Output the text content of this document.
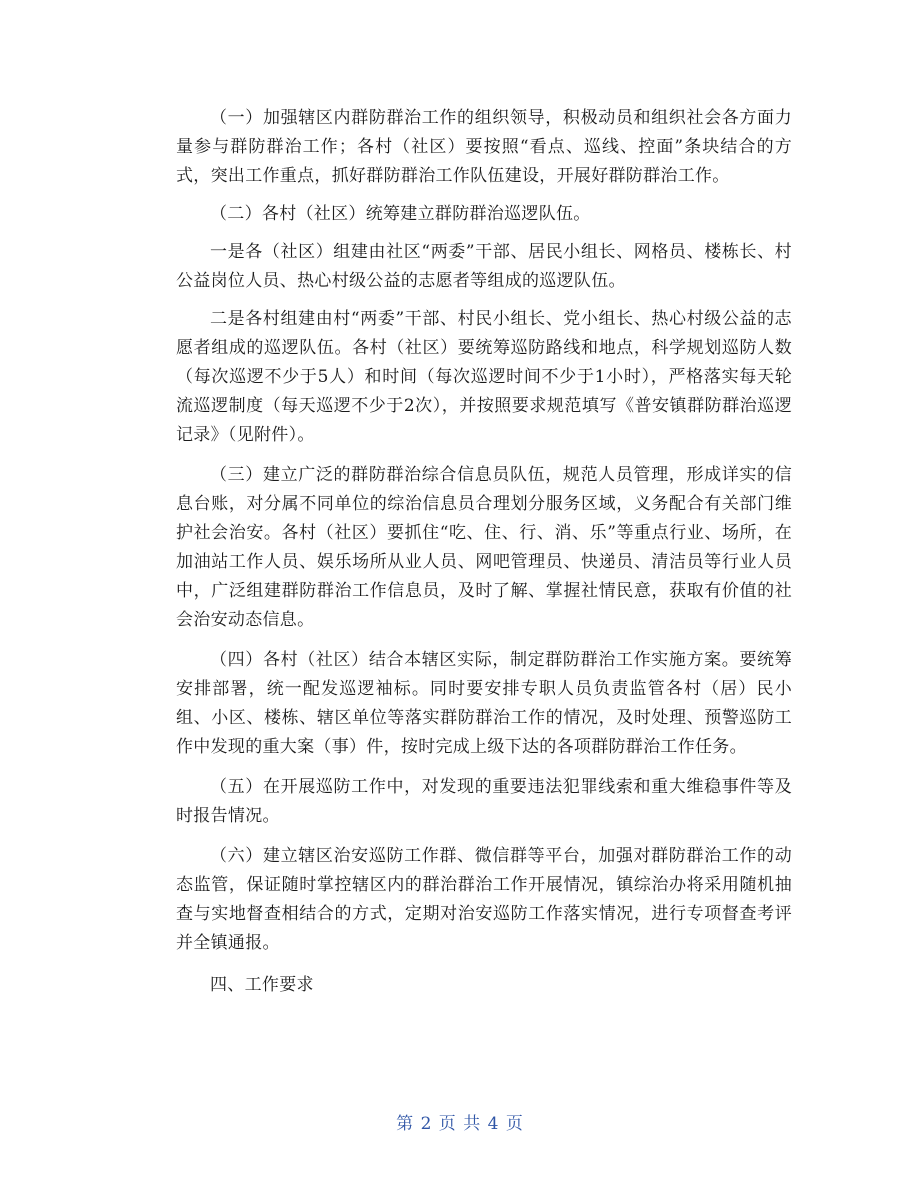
（一）加强辖区内群防群治工作的组织领导，积极动员和组织社会各方面力量参与群防群治工作；各村（社区）要按照“看点、巡线、控面”条块结合的方式，突出工作重点，抓好群防群治工作队伍建设，开展好群防群治工作。

（二）各村（社区）统筹建立群防群治巡逻队伍。

一是各（社区）组建由社区“两委”干部、居民小组长、网格员、楼栋长、村公益岗位人员、热心村级公益的志愿者等组成的巡逻队伍。

二是各村组建由村“两委”干部、村民小组长、党小组长、热心村级公益的志愿者组成的巡逻队伍。各村（社区）要统筹巡防路线和地点，科学规划巡防人数（每次巡逻不少于5人）和时间（每次巡逻时间不少于1小时），严格落实每天轮流巡逻制度（每天巡逻不少于2次），并按照要求规范填写《普安镇群防群治巡逻记录》（见附件）。

（三）建立广泛的群防群治综合信息员队伍，规范人员管理，形成详实的信息台账，对分属不同单位的综治信息员合理划分服务区域，义务配合有关部门维护社会治安。各村（社区）要抓住“吃、住、行、消、乐”等重点行业、场所，在加油站工作人员、娱乐场所从业人员、网吧管理员、快递员、清洁员等行业人员中，广泛组建群防群治工作信息员，及时了解、掌握社情民意，获取有价值的社会治安动态信息。

（四）各村（社区）结合本辖区实际，制定群防群治工作实施方案。要统筹安排部署，统一配发巡逻袖标。同时要安排专职人员负责监管各村（居）民小组、小区、楼栋、辖区单位等落实群防群治工作的情况，及时处理、预警巡防工作中发现的重大案（事）件，按时完成上级下达的各项群防群治工作任务。

（五）在开展巡防工作中，对发现的重要违法犯罪线索和重大维稳事件等及时报告情况。

（六）建立辖区治安巡防工作群、微信群等平台，加强对群防群治工作的动态监管，保证随时掌控辖区内的群治群治工作开展情况，镇综治办将采用随机抽查与实地督查相结合的方式，定期对治安巡防工作落实情况，进行专项督查考评并全镇通报。

四、工作要求

第 2 页 共 4 页
